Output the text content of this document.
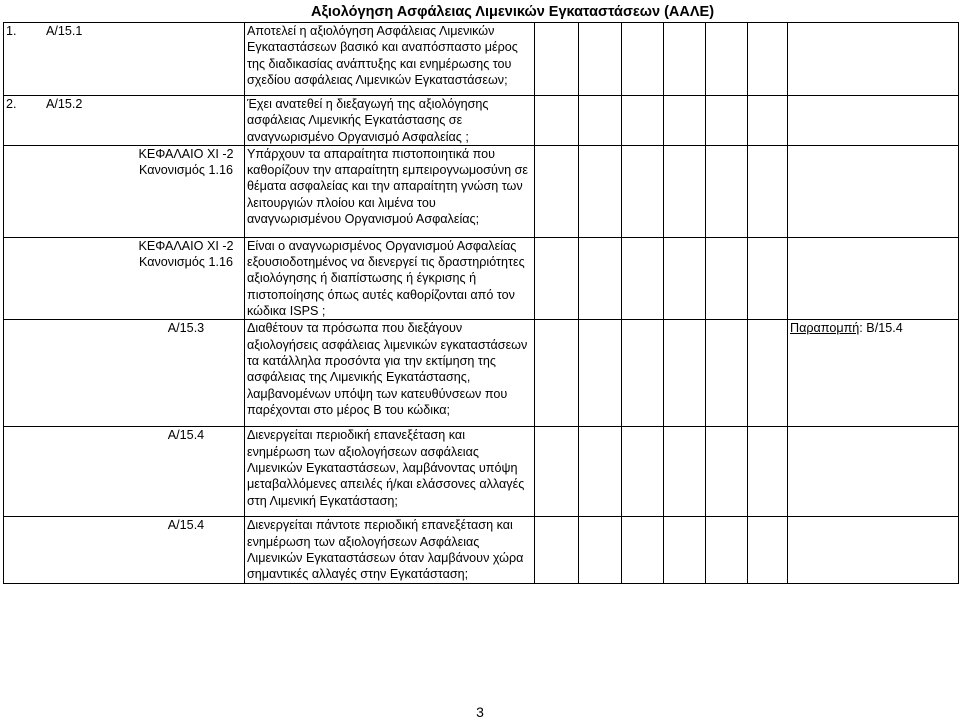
Αξιολόγηση Ασφάλειας Λιμενικών Εγκαταστάσεων (ΑΑΛΕ)
1. Α/15.1	Αποτελεί η αξιολόγηση Ασφάλειας Λιμενικών Εγκαταστάσεων βασικό και αναπόσπαστο μέρος της διαδικασίας ανάπτυξης και ενημέρωσης του σχεδίου ασφάλειας Λιμενικών Εγκαταστάσεων;							
2. Α/15.2	Έχει ανατεθεί η διεξαγωγή της αξιολόγησης ασφάλειας Λιμενικής Εγκατάστασης σε αναγνωρισμένο Οργανισμό Ασφαλείας ;							

ΚΕΦΑΛΑΙΟ ΧΙ -2
Κανονισμός 1.16	Υπάρχουν τα απαραίτητα πιστοποιητικά που καθορίζουν την απαραίτητη εμπειρογνωμοσύνη σε θέματα ασφαλείας και την απαραίτητη γνώση των λειτουργιών πλοίου και λιμένα του αναγνωρισμένου Οργανισμού Ασφαλείας;							

ΚΕΦΑΛΑΙΟ ΧΙ -2
Κανονισμός 1.16	Είναι ο αναγνωρισμένος Οργανισμού Ασφαλείας εξουσιοδοτημένος να διενεργεί τις δραστηριότητες αξιολόγησης ή διαπίστωσης ή έγκρισης ή πιστοποίησης όπως αυτές καθορίζονται από τον κώδικα ISPS ;							

Α/15.3	Διαθέτουν τα πρόσωπα που διεξάγουν αξιολογήσεις ασφάλειας λιμενικών εγκαταστάσεων τα κατάλληλα προσόντα για την εκτίμηση της ασφάλειας της Λιμενικής Εγκατάστασης, λαμβανομένων υπόψη των κατευθύνσεων που παρέχονται στο μέρος Β του κώδικα;							Παραπομπή: Β/15.4

Α/15.4	Διενεργείται περιοδική επανεξέταση και ενημέρωση των αξιολογήσεων ασφάλειας Λιμενικών Εγκαταστάσεων, λαμβάνοντας υπόψη μεταβαλλόμενες απειλές ή/και ελάσσονες αλλαγές στη Λιμενική Εγκατάσταση;							

Α/15.4	Διενεργείται πάντοτε περιοδική επανεξέταση και ενημέρωση των αξιολογήσεων Ασφάλειας Λιμενικών Εγκαταστάσεων όταν λαμβάνουν χώρα σημαντικές αλλαγές στην Εγκατάσταση;							
3
